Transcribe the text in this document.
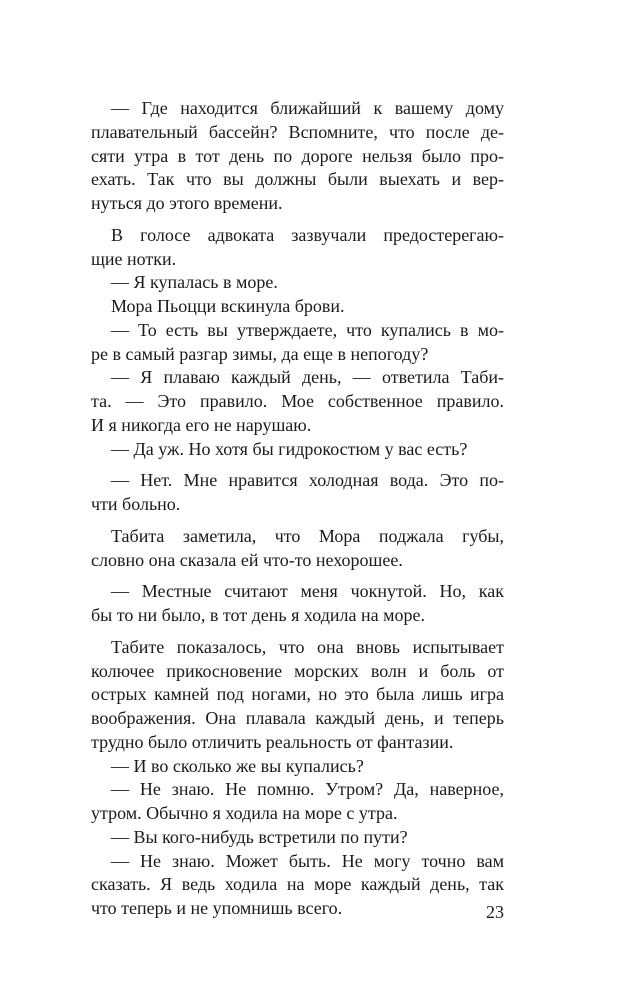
— Где находится ближайший к вашему дому
плавательный бассейн? Вспомните, что после де-
сяти утра в тот день по дороге нельзя было про-
ехать. Так что вы должны были выехать и вер-
нуться до этого времени.
В голосе адвоката зазвучали предостерегаю-
щие нотки.
— Я купалась в море.
Мора Пьоцци вскинула брови.
— То есть вы утверждаете, что купались в мо-
ре в самый разгар зимы, да еще в непогоду?
— Я плаваю каждый день, — ответила Таби-
та. — Это правило. Мое собственное правило.
И я никогда его не нарушаю.
— Да уж. Но хотя бы гидрокостюм у вас есть?
— Нет. Мне нравится холодная вода. Это по-
чти больно.
Табита заметила, что Мора поджала губы,
словно она сказала ей что-то нехорошее.
— Местные считают меня чокнутой. Но, как
бы то ни было, в тот день я ходила на море.
Табите показалось, что она вновь испытывает
колючее прикосновение морских волн и боль от
острых камней под ногами, но это была лишь игра
воображения. Она плавала каждый день, и теперь
трудно было отличить реальность от фантазии.
— И во сколько же вы купались?
— Не знаю. Не помню. Утром? Да, наверное,
утром. Обычно я ходила на море с утра.
— Вы кого-нибудь встретили по пути?
— Не знаю. Может быть. Не могу точно вам
сказать. Я ведь ходила на море каждый день, так
что теперь и не упомнишь всего.	23
